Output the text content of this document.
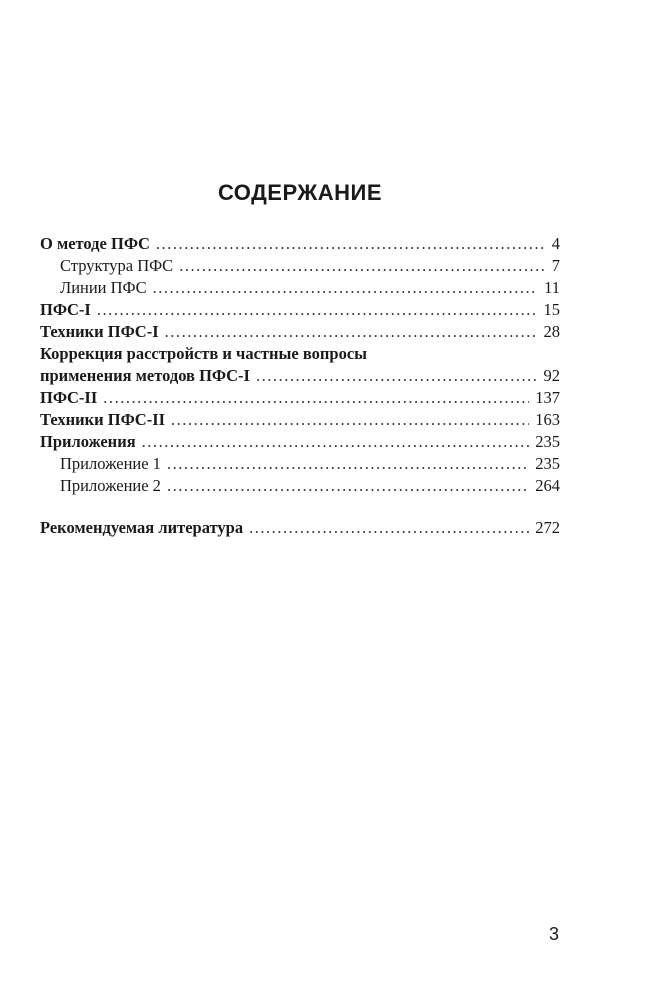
СОДЕРЖАНИЕ
О методе ПФС . . .	4
Структура ПФС . . .	7
Линии ПФС . . .	11
ПФС-I . . .	15
Техники ПФС-I . . .	28
Коррекция расстройств и частные вопросы
применения методов ПФС-I . . .	92
ПФС-II . . .	137
Техники ПФС-II . . .	163
Приложения . . .	235
Приложение 1 . . .	235
Приложение 2 . . .	264
Рекомендуемая литература . . .	272
3
